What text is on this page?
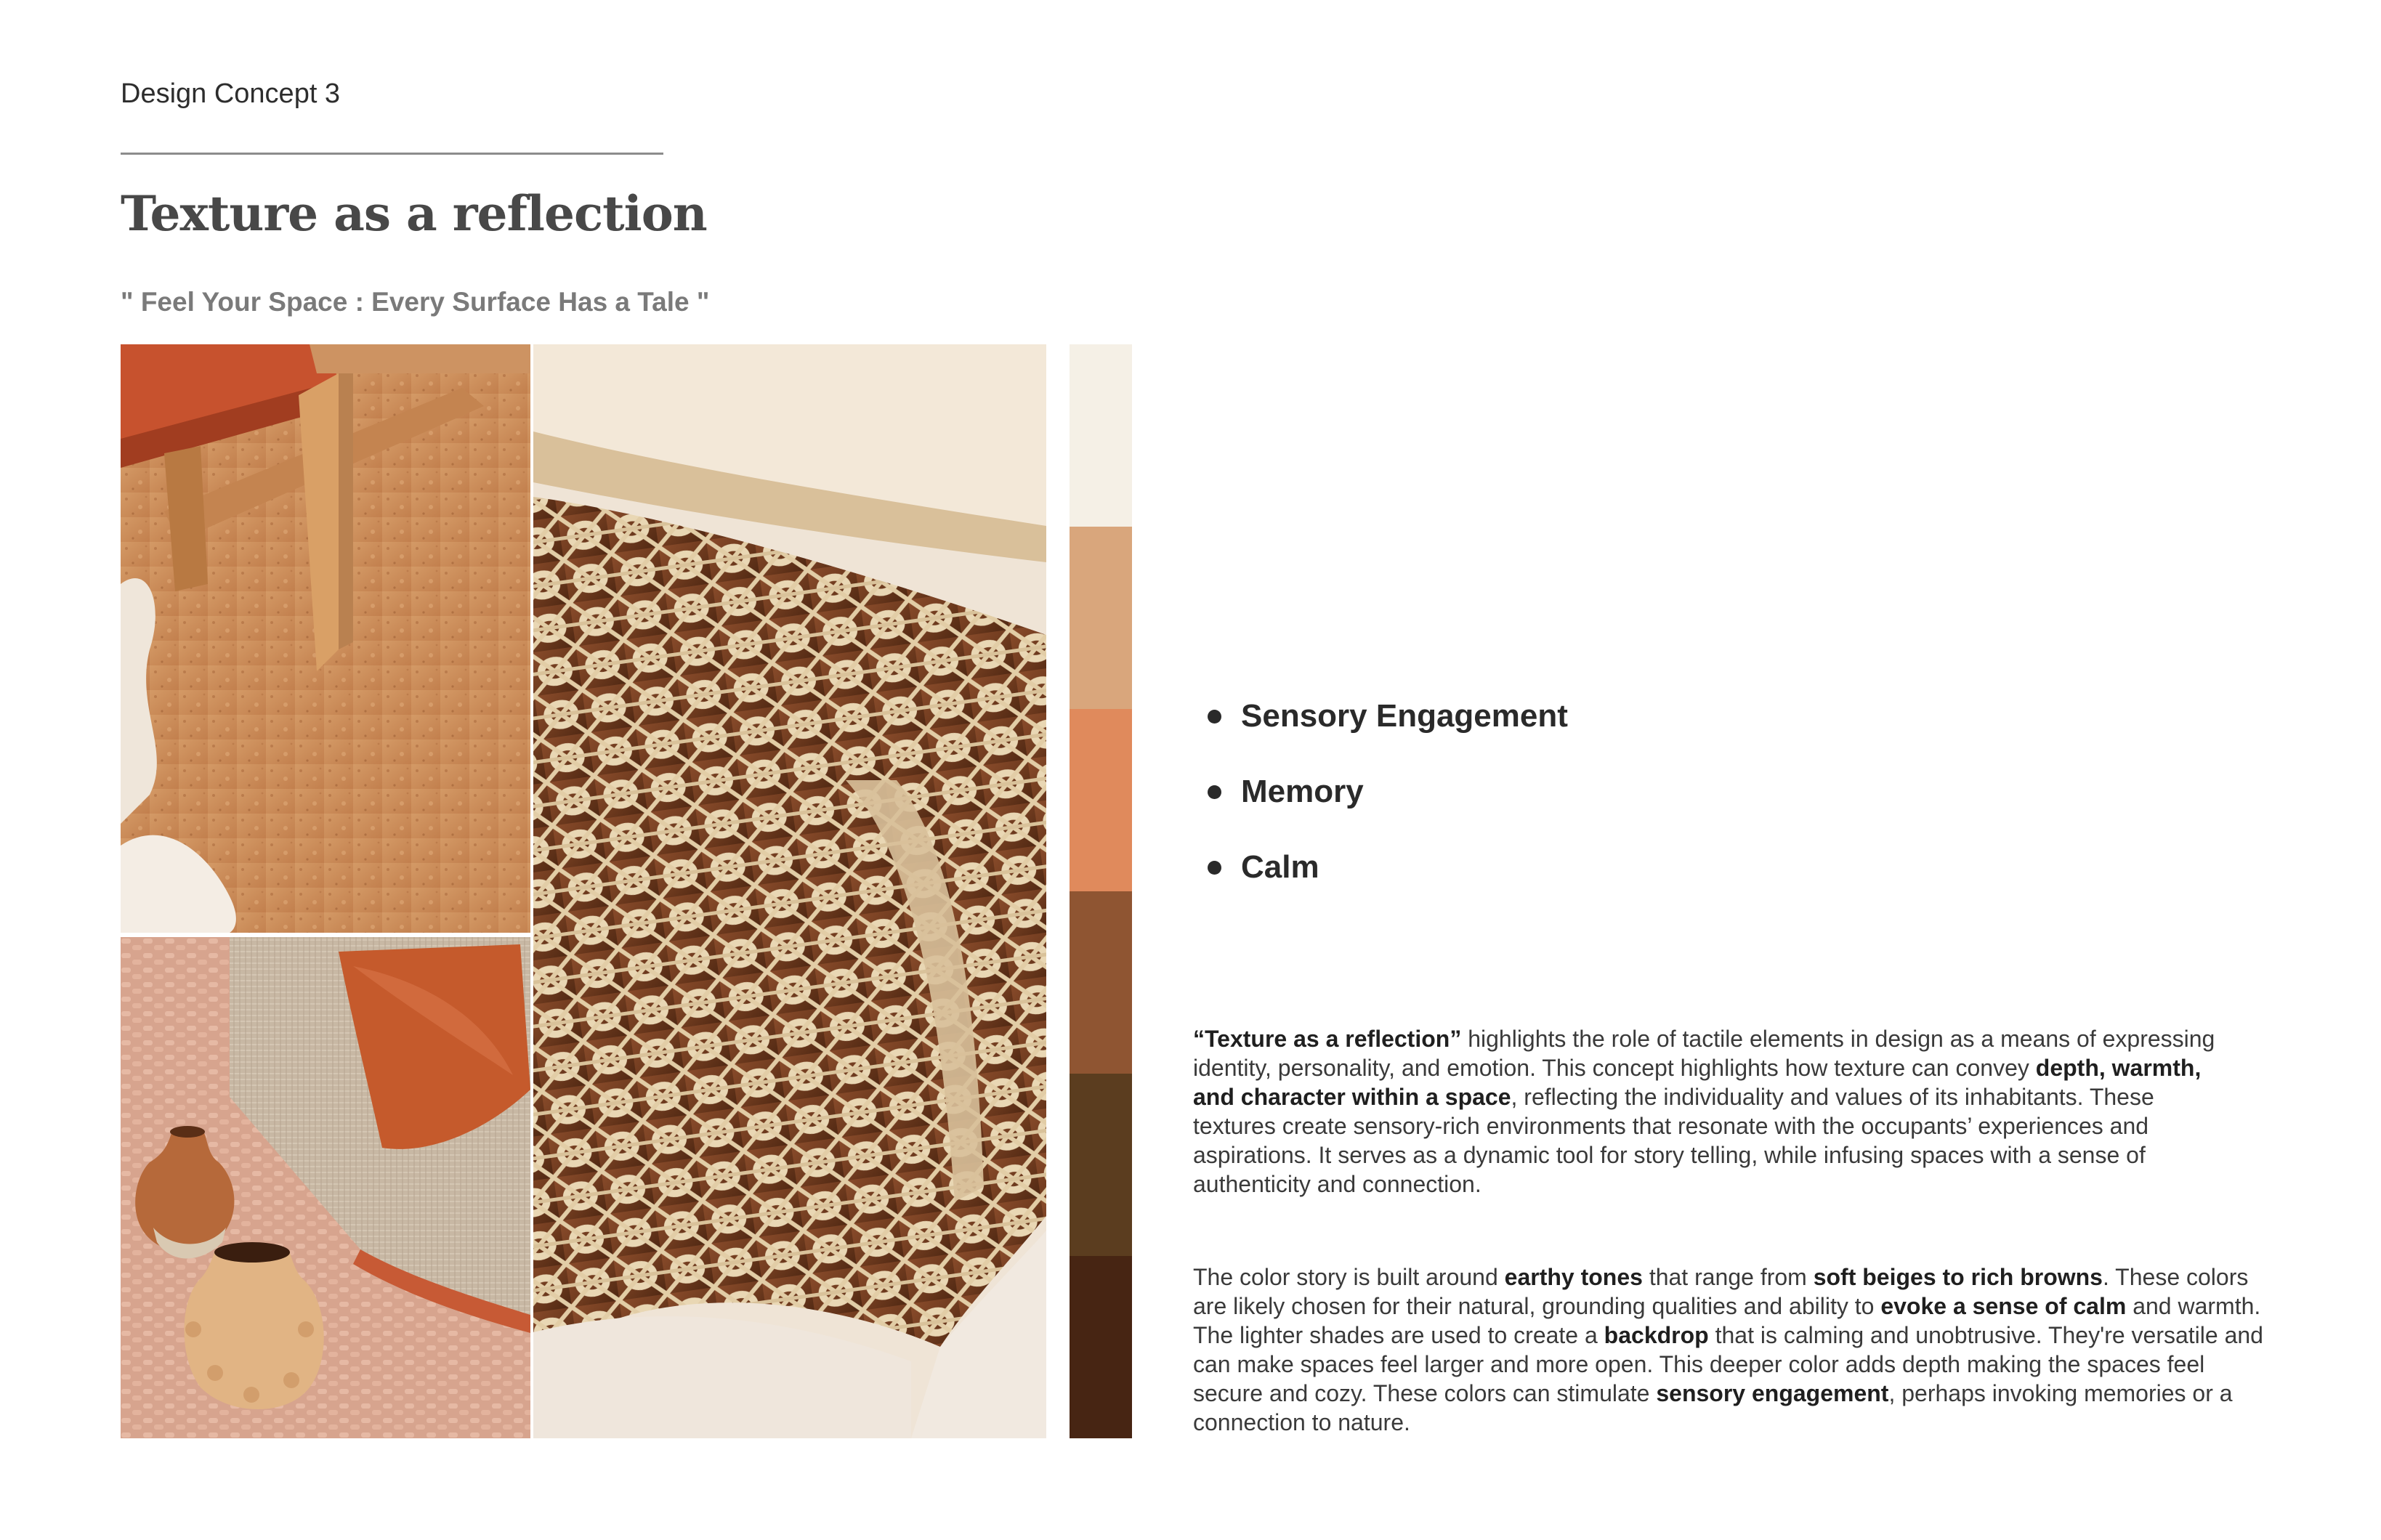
Design Concept 3
Texture as a reflection
" Feel Your Space : Every Surface Has a Tale "
Sensory Engagement
Memory
Calm

“Texture as a reflection” highlights the role of tactile elements in design as a means of expressing identity, personality, and emotion. This concept highlights how texture can convey depth, warmth, and character within a space, reflecting the individuality and values of its inhabitants. These textures create sensory-rich environments that resonate with the occupants’ experiences and aspirations. It serves as a dynamic tool for story telling, while infusing spaces with a sense of authenticity and connection.

The color story is built around earthy tones that range from soft beiges to rich browns. These colors are likely chosen for their natural, grounding qualities and ability to evoke a sense of calm and warmth. The lighter shades are used to create a backdrop that is calming and unobtrusive. They're versatile and can make spaces feel larger and more open. This deeper color adds depth making the spaces feel secure and cozy. These colors can stimulate sensory engagement, perhaps invoking memories or a connection to nature.
